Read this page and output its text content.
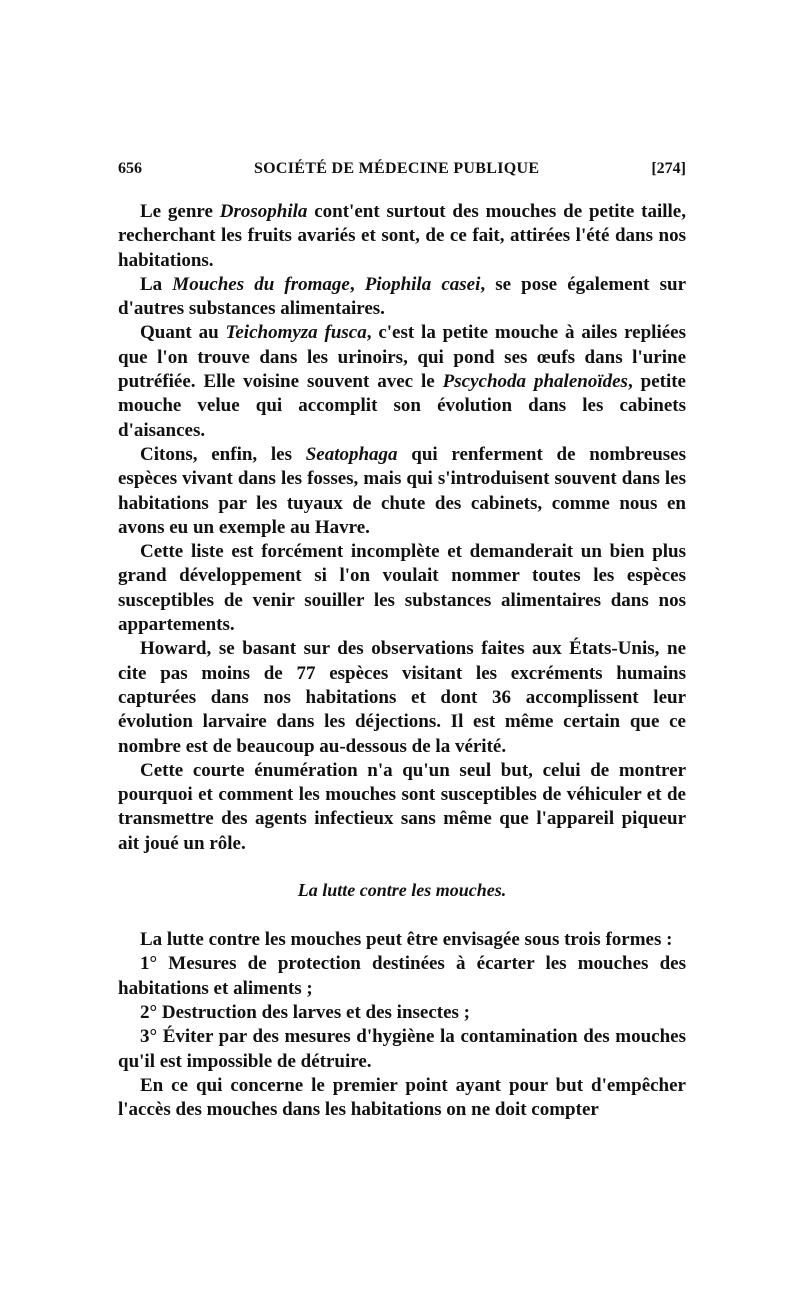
656	SOCIÉTÉ DE MÉDECINE PUBLIQUE	[274]

Le genre Drosophila cont'ent surtout des mouches de petite taille, recherchant les fruits avariés et sont, de ce fait, attirées l'été dans nos habitations.

La Mouches du fromage, Piophila casei, se pose également sur d'autres substances alimentaires.

Quant au Teichomyza fusca, c'est la petite mouche à ailes repliées que l'on trouve dans les urinoirs, qui pond ses œufs dans l'urine putréfiée. Elle voisine souvent avec le Pscychoda phalenoïdes, petite mouche velue qui accomplit son évolution dans les cabinets d'aisances.

Citons, enfin, les Seatophaga qui renferment de nombreuses espèces vivant dans les fosses, mais qui s'introduisent souvent dans les habitations par les tuyaux de chute des cabinets, comme nous en avons eu un exemple au Havre.

Cette liste est forcément incomplète et demanderait un bien plus grand développement si l'on voulait nommer toutes les espèces susceptibles de venir souiller les substances alimentaires dans nos appartements.

Howard, se basant sur des observations faites aux États-Unis, ne cite pas moins de 77 espèces visitant les excréments humains capturées dans nos habitations et dont 36 accomplissent leur évolution larvaire dans les déjections. Il est même certain que ce nombre est de beaucoup au-dessous de la vérité.

Cette courte énumération n'a qu'un seul but, celui de montrer pourquoi et comment les mouches sont susceptibles de véhiculer et de transmettre des agents infectieux sans même que l'appareil piqueur ait joué un rôle.

La lutte contre les mouches.

La lutte contre les mouches peut être envisagée sous trois formes :

1° Mesures de protection destinées à écarter les mouches des habitations et aliments ;

2° Destruction des larves et des insectes ;

3° Éviter par des mesures d'hygiène la contamination des mouches qu'il est impossible de détruire.

En ce qui concerne le premier point ayant pour but d'empêcher l'accès des mouches dans les habitations on ne doit compter
